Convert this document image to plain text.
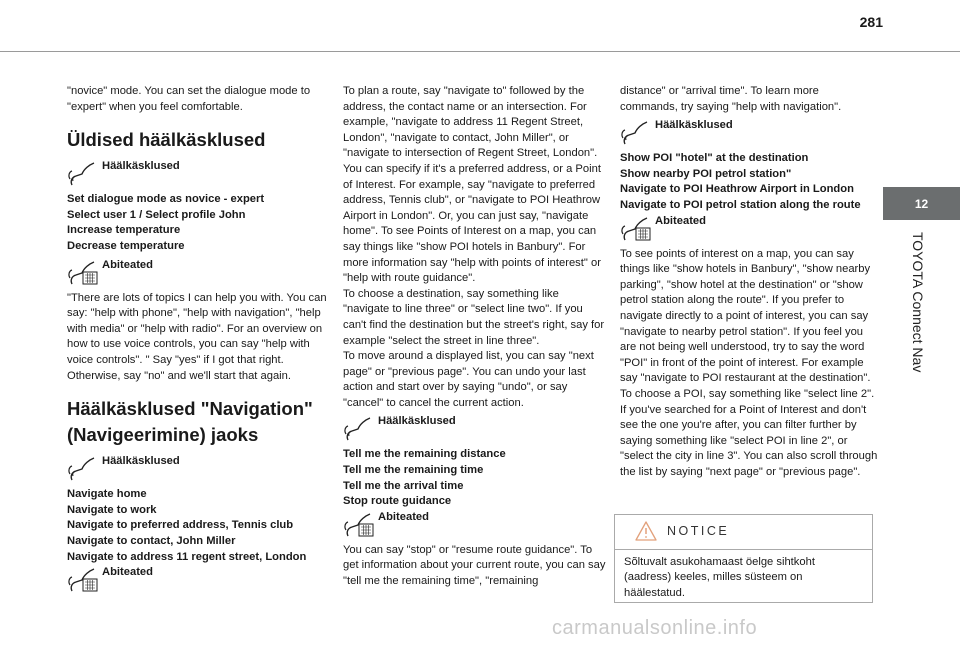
281
12
TOYOTA Connect Nav

"novice" mode. You can set the dialogue mode to "expert" when you feel comfortable.

Üldised häälkäsklused
Häälkäsklused

Set dialogue mode as novice - expert

Select user 1 / Select profile John

Increase temperature

Decrease temperature

Abiteated

"There are lots of topics I can help you with. You can say: "help with phone", "help with navigation", "help with media" or "help with radio". For an overview on how to use voice controls, you can say "help with voice controls". " Say "yes" if I got that right. Otherwise, say "no" and we'll start that again.

Häälkäsklused "Navigation" (Navigeerimine) jaoks
Häälkäsklused

Navigate home

Navigate to work

Navigate to preferred address, Tennis club

Navigate to contact, John Miller

Navigate to address 11 regent street, London

Abiteated

To plan a route, say "navigate to" followed by the address, the contact name or an intersection. For example, "navigate to address 11 Regent Street, London", "navigate to contact, John Miller", or "navigate to intersection of Regent Street, London". You can specify if it's a preferred address, or a Point of Interest. For example, say "navigate to preferred address, Tennis club", or "navigate to POI Heathrow Airport in London". Or, you can just say, "navigate home". To see Points of Interest on a map, you can say things like "show POI hotels in Banbury". For more information say "help with points of interest" or "help with route guidance".

To choose a destination, say something like "navigate to line three" or "select line two". If you can't find the destination but the street's right, say for example "select the street in line three".

To move around a displayed list, you can say "next page" or "previous page". You can undo your last action and start over by saying "undo", or say "cancel" to cancel the current action.

Häälkäsklused

Tell me the remaining distance

Tell me the remaining time

Tell me the arrival time

Stop route guidance

Abiteated

You can say "stop" or "resume route guidance". To get information about your current route, you can say "tell me the remaining time", "remaining

distance" or "arrival time". To learn more commands, try saying "help with navigation".

Häälkäsklused

Show POI "hotel" at the destination

Show nearby POI petrol station"

Navigate to POI Heathrow Airport in London

Navigate to POI petrol station along the route

Abiteated

To see points of interest on a map, you can say things like "show hotels in Banbury", "show nearby parking", "show hotel at the destination" or "show petrol station along the route". If you prefer to navigate directly to a point of interest, you can say "navigate to nearby petrol station". If you feel you are not being well understood, try to say the word "POI" in front of the point of interest. For example say "navigate to POI restaurant at the destination".

To choose a POI, say something like "select line 2". If you've searched for a Point of Interest and don't see the one you're after, you can filter further by saying something like "select POI in line 2", or "select the city in line 3". You can also scroll through the list by saying "next page" or "previous page".

NOTICE
Sõltuvalt asukohamaast öelge sihtkoht (aadress) keeles, milles süsteem on häälestatud.
carmanualsonline.info
